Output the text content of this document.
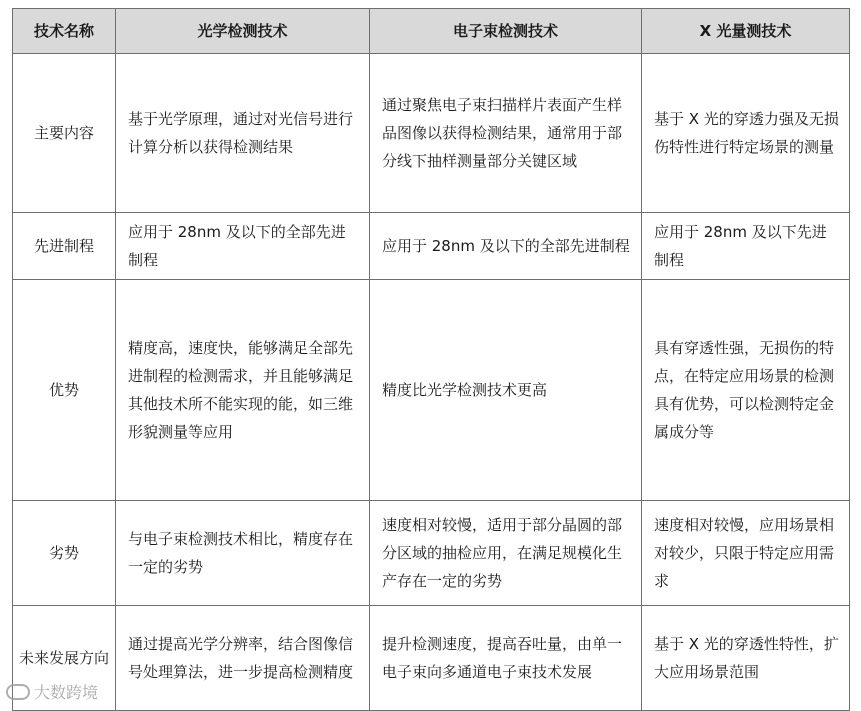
技术名称	光学检测技术	电子束检测技术	X 光量测技术
主要内容	基于光学原理，通过对光信号进行计算分析以获得检测结果	通过聚焦电子束扫描样片表面产生样品图像以获得检测结果，通常用于部分线下抽样测量部分关键区域	基于 X 光的穿透力强及无损伤特性进行特定场景的测量
先进制程	应用于 28nm 及以下的全部先进制程	应用于 28nm 及以下的全部先进制程	应用于 28nm 及以下先进制程
优势	精度高，速度快，能够满足全部先进制程的检测需求，并且能够满足其他技术所不能实现的能，如三维形貌测量等应用	精度比光学检测技术更高	具有穿透性强，无损伤的特点，在特定应用场景的检测具有优势，可以检测特定金属成分等
劣势	与电子束检测技术相比，精度存在一定的劣势	速度相对较慢，适用于部分晶圆的部分区域的抽检应用，在满足规模化生产存在一定的劣势	速度相对较慢，应用场景相对较少，只限于特定应用需求
未来发展方向	通过提高光学分辨率，结合图像信号处理算法，进一步提高检测精度	提升检测速度，提高吞吐量，由单一电子束向多通道电子束技术发展	基于 X 光的穿透性特性，扩大应用场景范围
大数跨境
